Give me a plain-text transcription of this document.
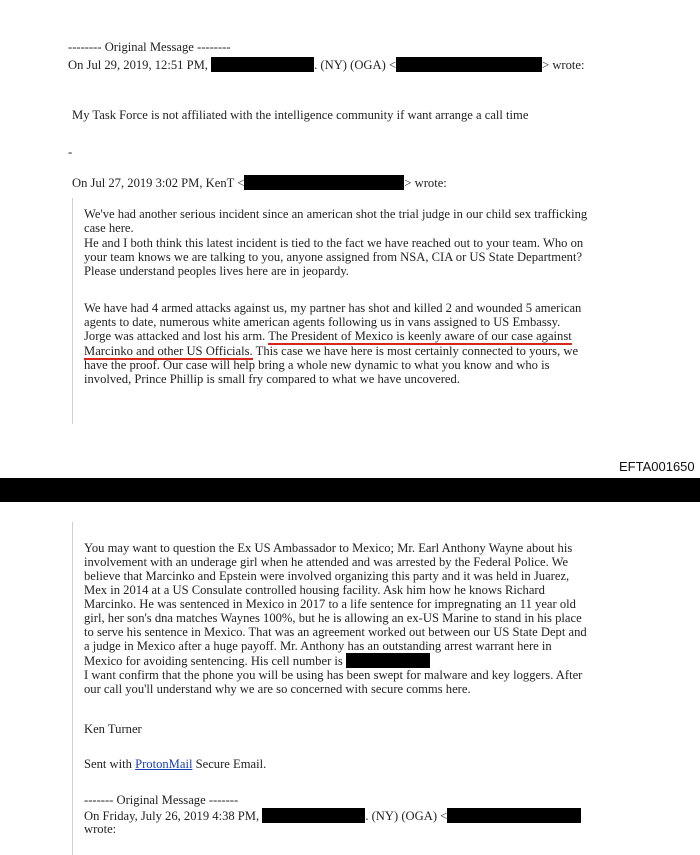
-------- Original Message --------
On Jul 29, 2019, 12:51 PM,	. (NY) (OGA) <	> wrote:
My Task Force is not affiliated with the intelligence community if want arrange a call time
-
On Jul 27, 2019 3:02 PM, KenT <	> wrote:
We've had another serious incident since an american shot the trial judge in our child sex trafficking
case here.
He and I both think this latest incident is tied to the fact we have reached out to your team. Who on
your team knows we are talking to you, anyone assigned from NSA, CIA or US State Department?
Please understand peoples lives here are in jeopardy.
We have had 4 armed attacks against us, my partner has shot and killed 2 and wounded 5 american
agents to date, numerous white american agents following us in vans assigned to US Embassy.
Jorge was attacked and lost his arm. The President of Mexico is keenly aware of our case against
Marcinko and other US Officials. This case we have here is most certainly connected to yours, we
have the proof. Our case will help bring a whole new dynamic to what you know and who is
involved, Prince Phillip is small fry compared to what we have uncovered.
EFTA001650
You may want to question the Ex US Ambassador to Mexico; Mr. Earl Anthony Wayne about his
involvement with an underage girl when he attended and was arrested by the Federal Police. We
believe that Marcinko and Epstein were involved organizing this party and it was held in Juarez,
Mex in 2014 at a US Consulate controlled housing facility. Ask him how he knows Richard
Marcinko. He was sentenced in Mexico in 2017 to a life sentence for impregnating an 11 year old
girl, her son's dna matches Waynes 100%, but he is allowing an ex-US Marine to stand in his place
to serve his sentence in Mexico. That was an agreement worked out between our US State Dept and
a judge in Mexico after a huge payoff. Mr. Anthony has an outstanding arrest warrant here in
Mexico for avoiding sentencing. His cell number is
I want confirm that the phone you will be using has been swept for malware and key loggers. After
our call you'll understand why we are so concerned with secure comms here.
Ken Turner
Sent with ProtonMail Secure Email.
------- Original Message -------
On Friday, July 26, 2019 4:38 PM,	. (NY) (OGA) <
wrote:
